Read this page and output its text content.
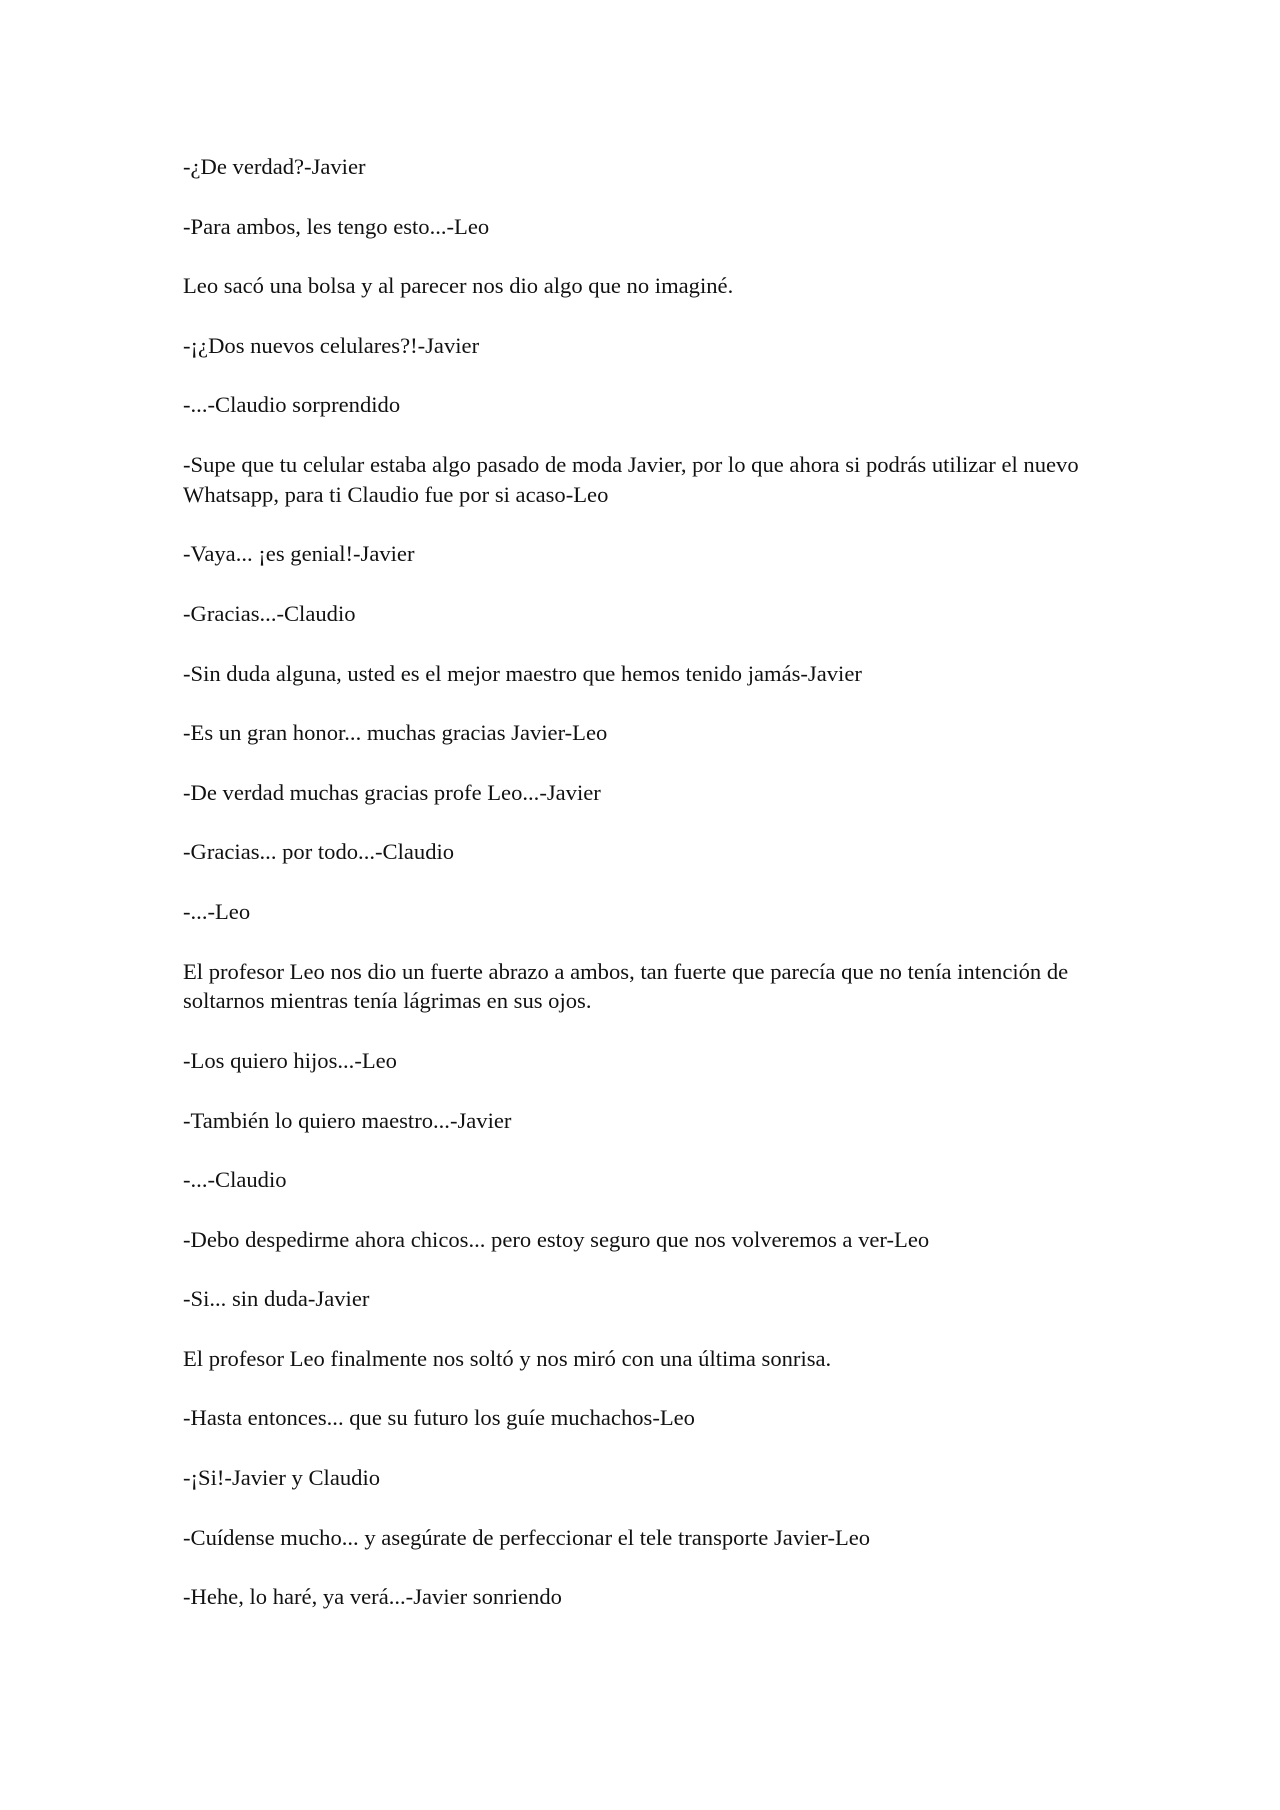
-¿De verdad?-Javier

-Para ambos, les tengo esto...-Leo

Leo sacó una bolsa y al parecer nos dio algo que no imaginé.

-¡¿Dos nuevos celulares?!-Javier

-...-Claudio sorprendido

-Supe que tu celular estaba algo pasado de moda Javier, por lo que ahora si podrás utilizar el nuevo Whatsapp, para ti Claudio fue por si acaso-Leo

-Vaya... ¡es genial!-Javier

-Gracias...-Claudio

-Sin duda alguna, usted es el mejor maestro que hemos tenido jamás-Javier

-Es un gran honor... muchas gracias Javier-Leo

-De verdad muchas gracias profe Leo...-Javier

-Gracias... por todo...-Claudio

-...-Leo

El profesor Leo nos dio un fuerte abrazo a ambos, tan fuerte que parecía que no tenía intención de soltarnos mientras tenía lágrimas en sus ojos.

-Los quiero hijos...-Leo

-También lo quiero maestro...-Javier

-...-Claudio

-Debo despedirme ahora chicos... pero estoy seguro que nos volveremos a ver-Leo

-Si... sin duda-Javier

El profesor Leo finalmente nos soltó y nos miró con una última sonrisa.

-Hasta entonces... que su futuro los guíe muchachos-Leo

-¡Si!-Javier y Claudio

-Cuídense mucho... y asegúrate de perfeccionar el tele transporte Javier-Leo

-Hehe, lo haré, ya verá...-Javier sonriendo
